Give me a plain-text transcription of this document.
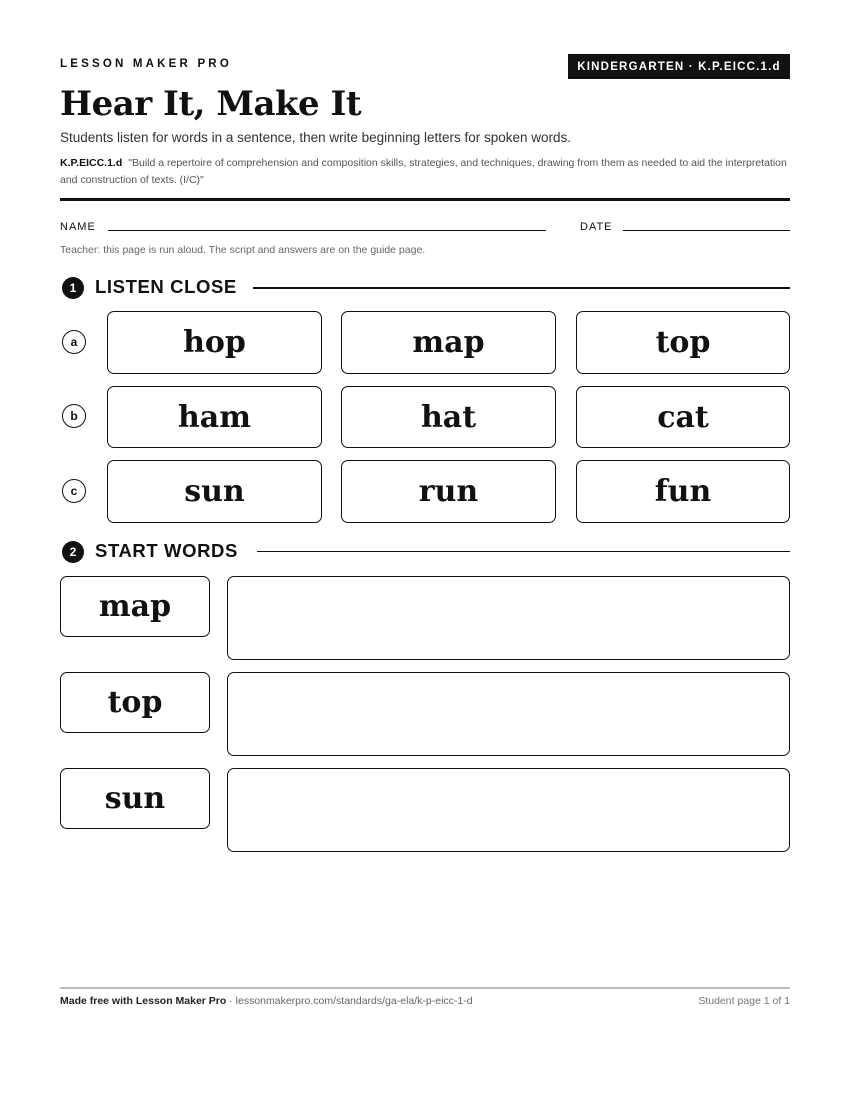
LESSON MAKER PRO	KINDERGARTEN · K.P.EICC.1.d
Hear It, Make It
Students listen for words in a sentence, then write beginning letters for spoken words.
K.P.EICC.1.d "Build a repertoire of comprehension and composition skills, strategies, and techniques, drawing from them as needed to aid the interpretation and construction of texts. (I/C)"
NAME	DATE
Teacher: this page is run aloud. The script and answers are on the guide page.
1	LISTEN CLOSE
a	hop	map	top
b	ham	hat	cat
c	sun	run	fun
2	START WORDS
map
top
sun
Made free with Lesson Maker Pro · lessonmakerpro.com/standards/ga-ela/k-p-eicc-1-d	Student page 1 of 1
